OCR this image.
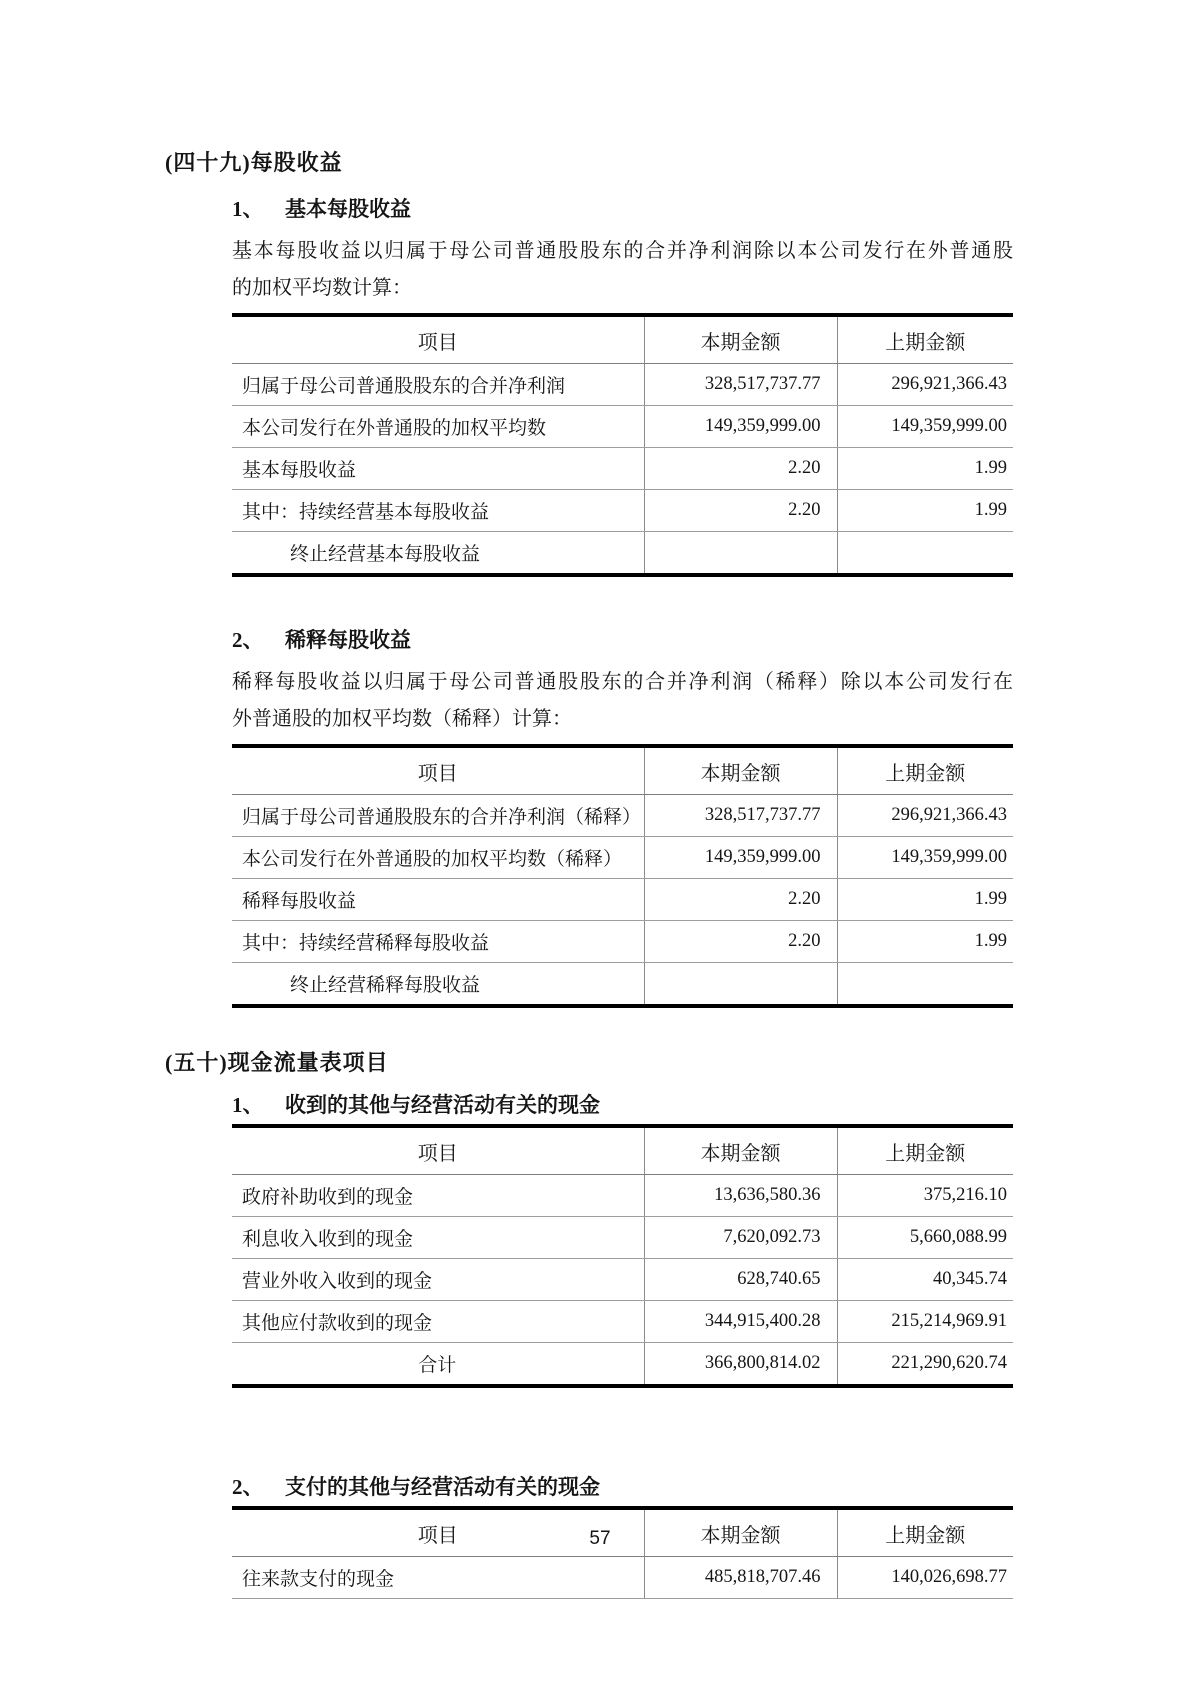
(四十九)每股收益
1、 基本每股收益
基本每股收益以归属于母公司普通股股东的合并净利润除以本公司发行在外普通股
的加权平均数计算：
项目	本期金额	上期金额
归属于母公司普通股股东的合并净利润	328,517,737.77	296,921,366.43
本公司发行在外普通股的加权平均数	149,359,999.00	149,359,999.00
基本每股收益	2.20	1.99
其中：持续经营基本每股收益	2.20	1.99
终止经营基本每股收益		
2、 稀释每股收益
稀释每股收益以归属于母公司普通股股东的合并净利润（稀释）除以本公司发行在
外普通股的加权平均数（稀释）计算：
项目	本期金额	上期金额
归属于母公司普通股股东的合并净利润（稀释）	328,517,737.77	296,921,366.43
本公司发行在外普通股的加权平均数（稀释）	149,359,999.00	149,359,999.00
稀释每股收益	2.20	1.99
其中：持续经营稀释每股收益	2.20	1.99
终止经营稀释每股收益		
(五十)现金流量表项目
1、 收到的其他与经营活动有关的现金
项目	本期金额	上期金额
政府补助收到的现金	13,636,580.36	375,216.10
利息收入收到的现金	7,620,092.73	5,660,088.99
营业外收入收到的现金	628,740.65	40,345.74
其他应付款收到的现金	344,915,400.28	215,214,969.91
合计	366,800,814.02	221,290,620.74
2、 支付的其他与经营活动有关的现金
项目	本期金额	上期金额
往来款支付的现金	485,818,707.46	140,026,698.77
57
